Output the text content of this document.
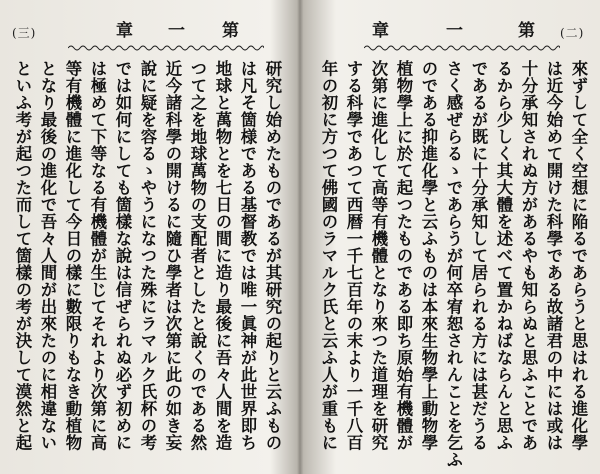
(三)	章 一 第
研究し始めたものであるが其研究の起りと云ふもの
は凡そ箇様である基督教では唯一眞神が此世界即ち
地球と萬物とを七日の間に造り最後に吾々人間を造
つて之を地球萬物の支配者としたと說くのである然
近今諸科學の開けるに隨ひ學者は次第に此の如き妄
說に疑を容るゝやうになつた殊にラマルク氏杯の考
では如何にしても箇樣な說は信ぜられぬ必ず初めに
は極めて下等なる有機體が生じてそれより次第に高
等有機體に進化して今日の樣に數限りもなき動植物
となり最後の進化で吾々人間が出來たのに相違ない
といふ考が起つた而して箇樣の考が決して漠然と起
章	一	第 (二)
來ずして全く空想に陥るであらうと思はれる進化學
は近今始めて開けた科學である故諸君の中には或は
十分承知されぬ方があるやも知らぬと思ふことであ
るから少しく其大體を述べて置かねばならんと思ふ
であるが既に十分承知して居られる方には甚だうる
さく感ぜらるゝであらうが何卒宥恕されんことを乞ふ
のである抑進化學と云ふものは本來生物學上動物學
植物學上に於て起つたものである即ち原始有機體が
次第に進化して高等有機體となり來つた道理を研究
する科學であつて西暦一千七百年の末より一千八百
年の初に方つて佛國のラマルク氏と云ふ人が重もに
